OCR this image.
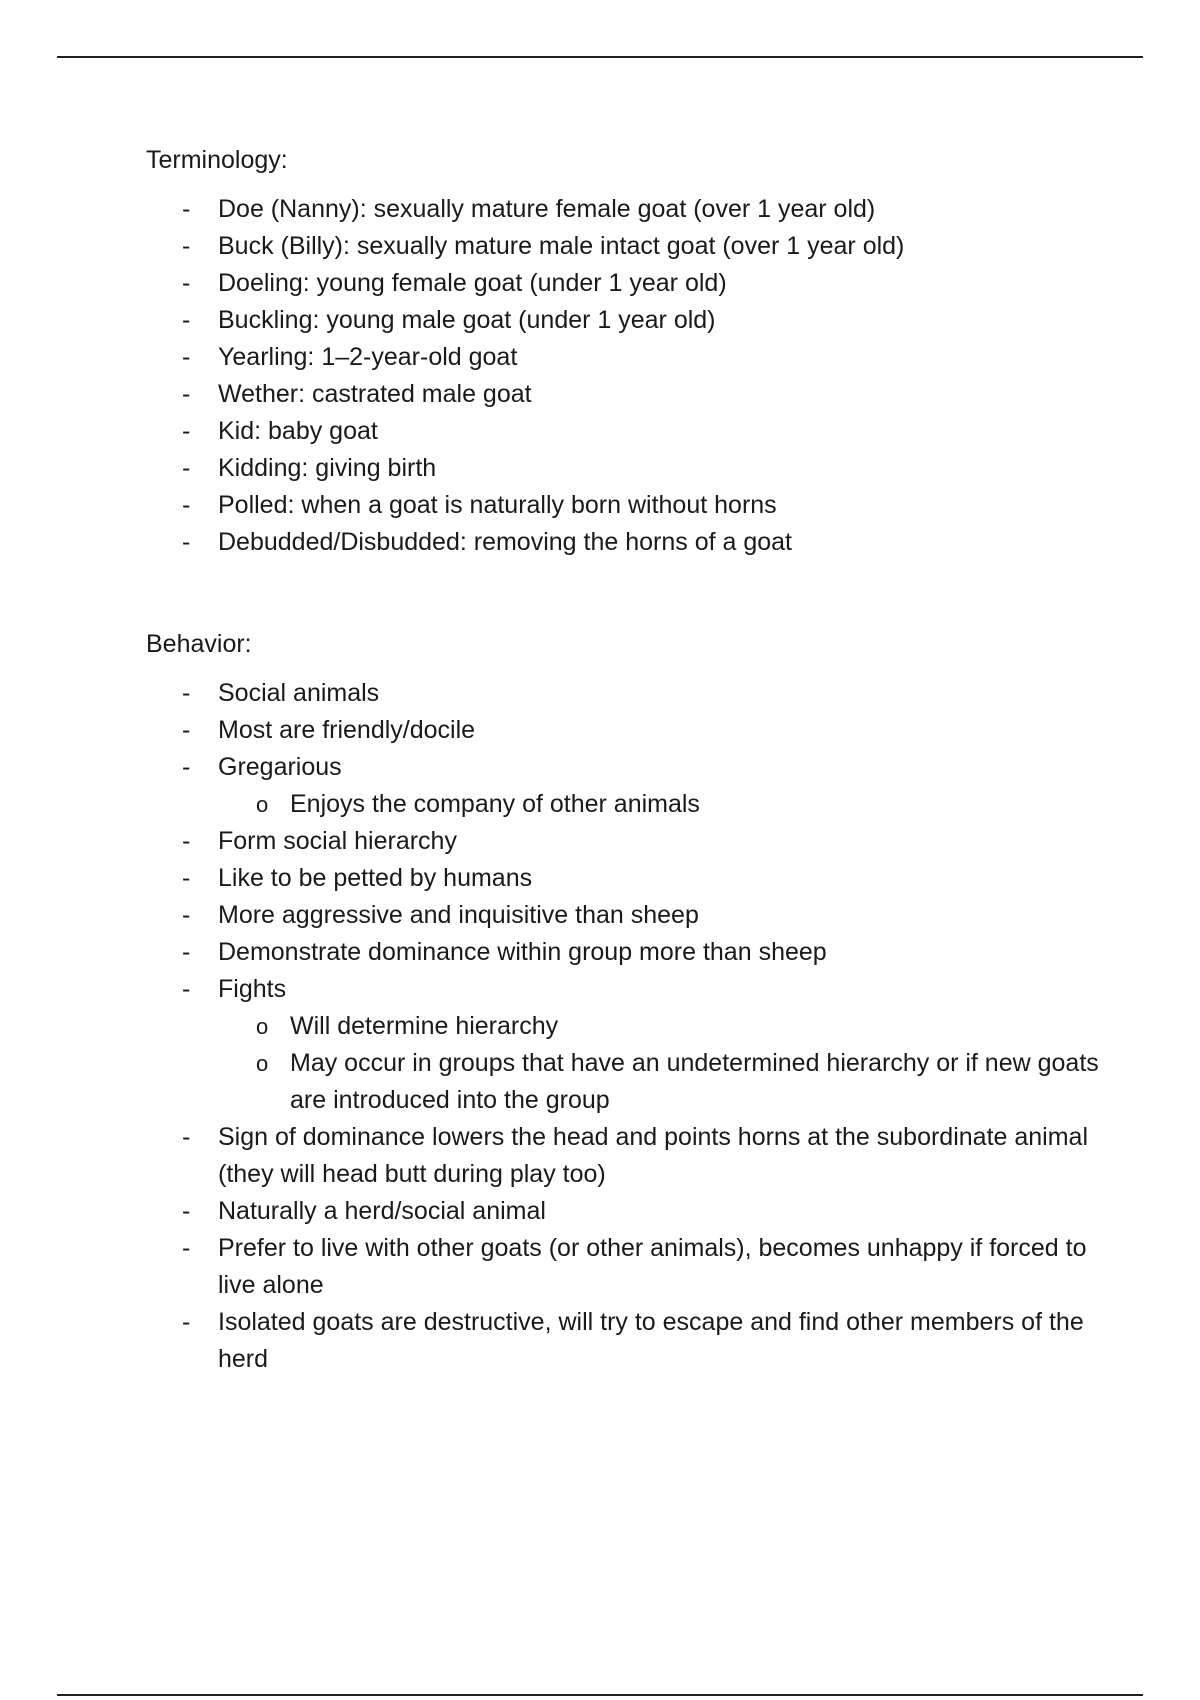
Terminology:

- Doe (Nanny): sexually mature female goat (over 1 year old)
- Buck (Billy): sexually mature male intact goat (over 1 year old)
- Doeling: young female goat (under 1 year old)
- Buckling: young male goat (under 1 year old)
- Yearling: 1–2-year-old goat
- Wether: castrated male goat
- Kid: baby goat
- Kidding: giving birth
- Polled: when a goat is naturally born without horns
- Debudded/Disbudded: removing the horns of a goat

Behavior:

- Social animals
- Most are friendly/docile
- Gregarious
o Enjoys the company of other animals
- Form social hierarchy
- Like to be petted by humans
- More aggressive and inquisitive than sheep
- Demonstrate dominance within group more than sheep
- Fights
o Will determine hierarchy
o May occur in groups that have an undetermined hierarchy or if new goats are introduced into the group
- Sign of dominance lowers the head and points horns at the subordinate animal (they will head butt during play too)
- Naturally a herd/social animal
- Prefer to live with other goats (or other animals), becomes unhappy if forced to live alone
- Isolated goats are destructive, will try to escape and find other members of the herd
